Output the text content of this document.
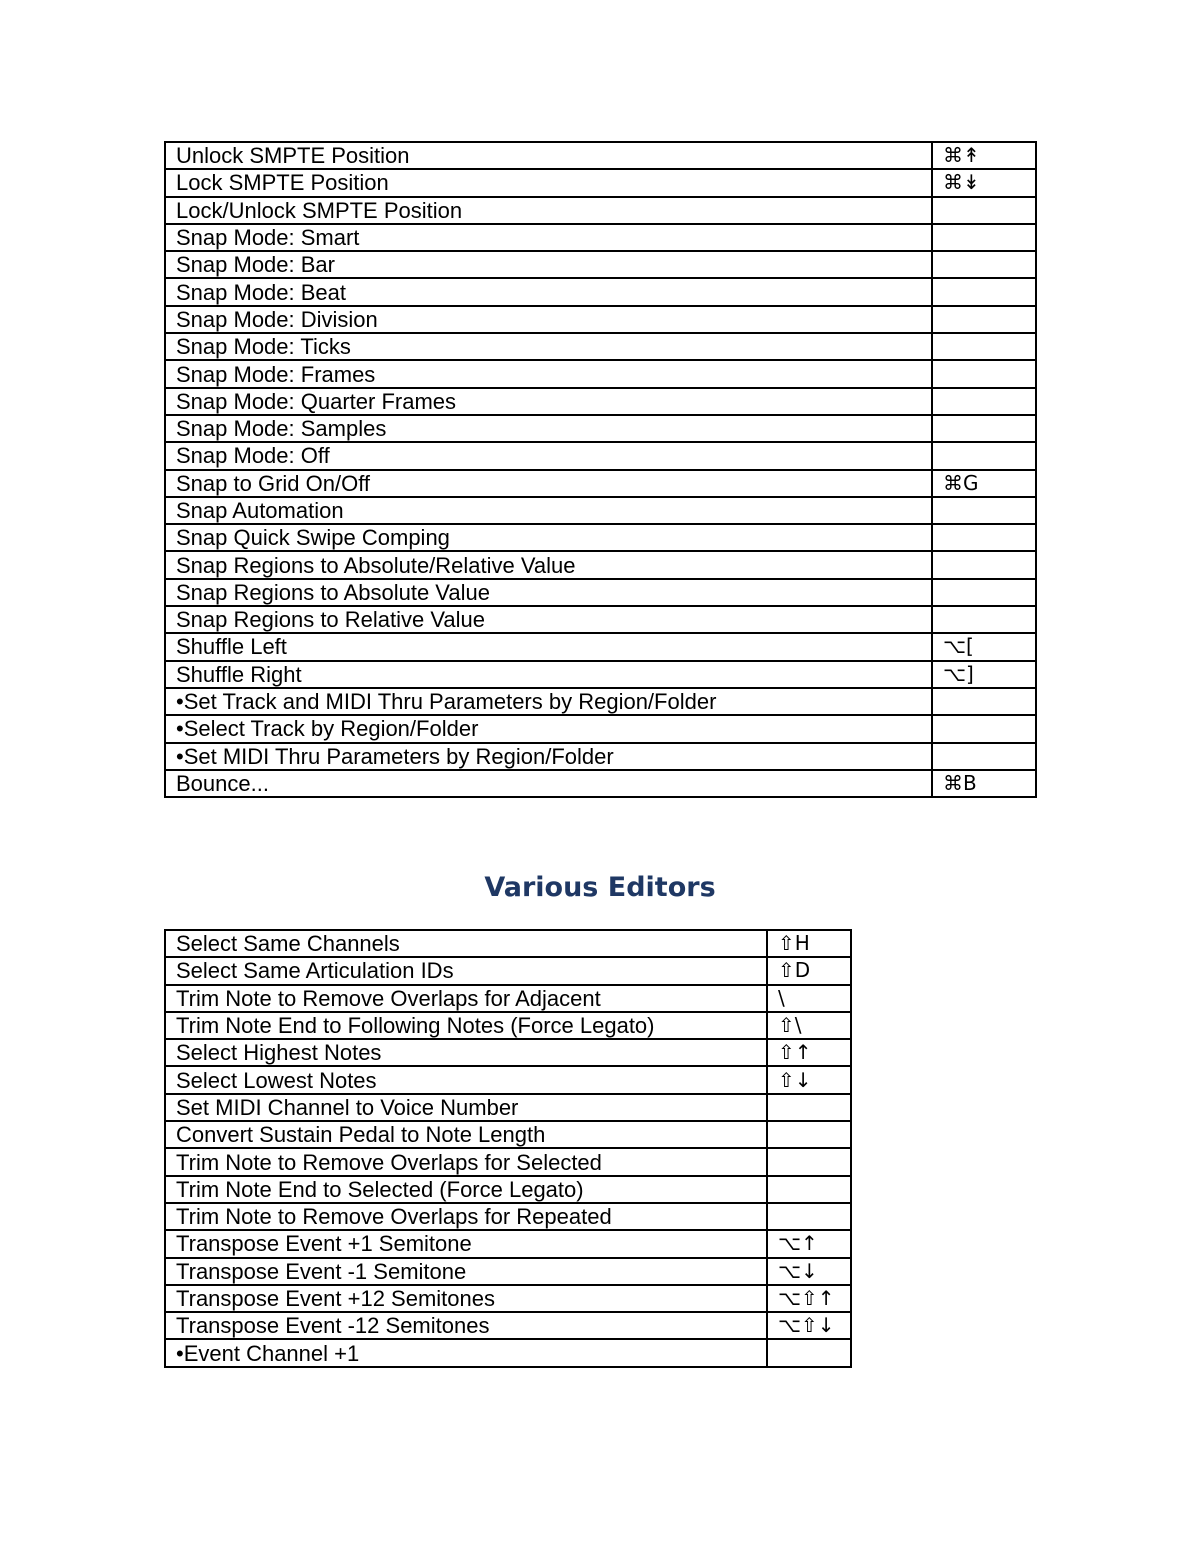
Unlock SMPTE Position	⌘↟
Lock SMPTE Position	⌘↡
Lock/Unlock SMPTE Position	
Snap Mode: Smart	
Snap Mode: Bar	
Snap Mode: Beat	
Snap Mode: Division	
Snap Mode: Ticks	
Snap Mode: Frames	
Snap Mode: Quarter Frames	
Snap Mode: Samples	
Snap Mode: Off	
Snap to Grid On/Off	⌘G
Snap Automation	
Snap Quick Swipe Comping	
Snap Regions to Absolute/Relative Value	
Snap Regions to Absolute Value	
Snap Regions to Relative Value	
Shuffle Left	⌥[
Shuffle Right	⌥]
•Set Track and MIDI Thru Parameters by Region/Folder	
•Select Track by Region/Folder	
•Set MIDI Thru Parameters by Region/Folder	
Bounce...	⌘B
Various Editors
Select Same Channels	⇧H
Select Same Articulation IDs	⇧D
Trim Note to Remove Overlaps for Adjacent	\
Trim Note End to Following Notes (Force Legato)	⇧\
Select Highest Notes	⇧↑
Select Lowest Notes	⇧↓
Set MIDI Channel to Voice Number	
Convert Sustain Pedal to Note Length	
Trim Note to Remove Overlaps for Selected	
Trim Note End to Selected (Force Legato)	
Trim Note to Remove Overlaps for Repeated	
Transpose Event +1 Semitone	⌥↑
Transpose Event -1 Semitone	⌥↓
Transpose Event +12 Semitones	⌥⇧↑
Transpose Event -12 Semitones	⌥⇧↓
•Event Channel +1	
